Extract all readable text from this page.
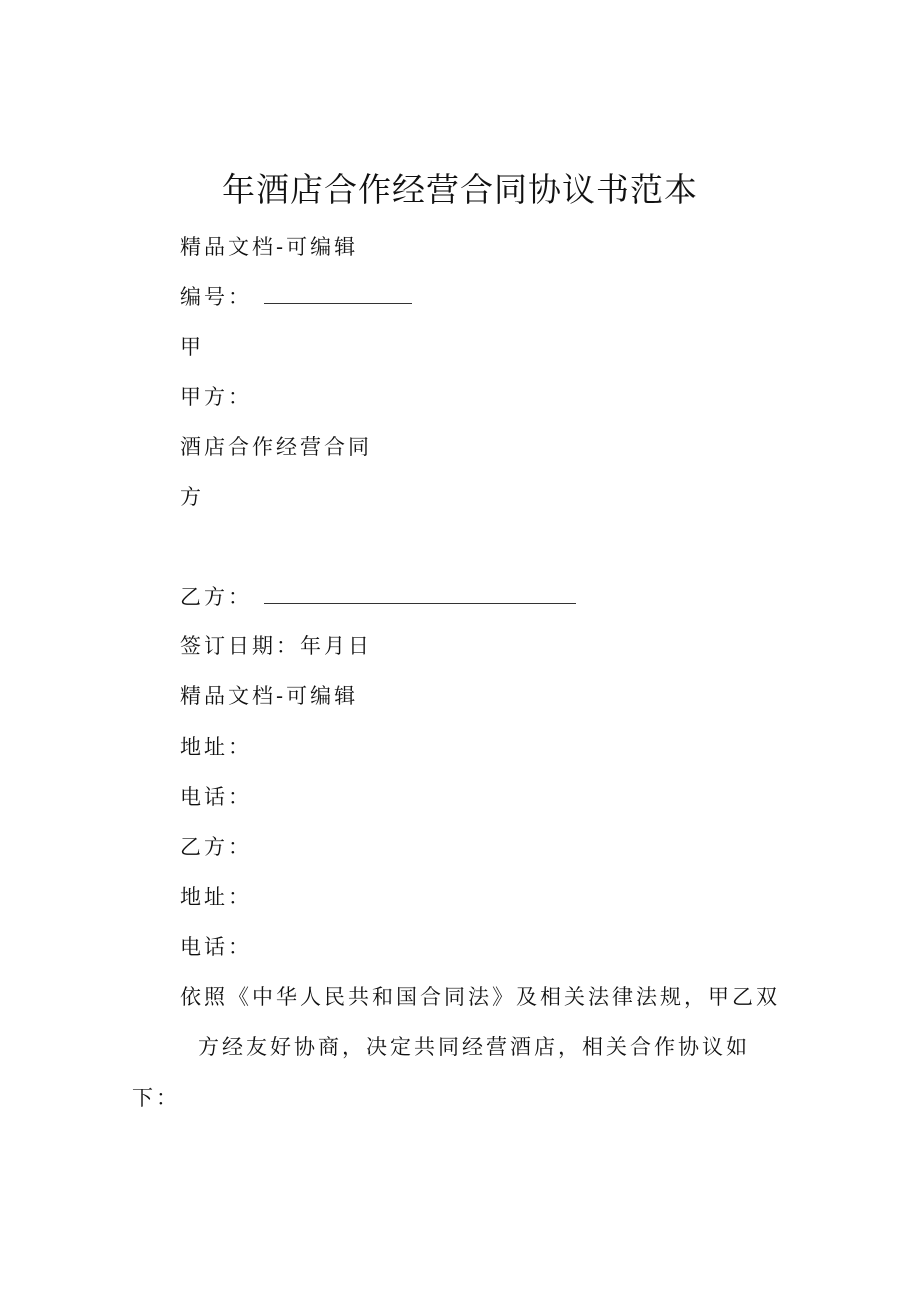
年酒店合作经营合同协议书范本
精品文档-可编辑
编号：
甲
甲方：
酒店合作经营合同
方
乙方：
签订日期：年月日
精品文档-可编辑
地址：
电话：
乙方：
地址：
电话：
依照《中华人民共和国合同法》及相关法律法规，甲乙双
方经友好协商，决定共同经营酒店，相关合作协议如
下：
